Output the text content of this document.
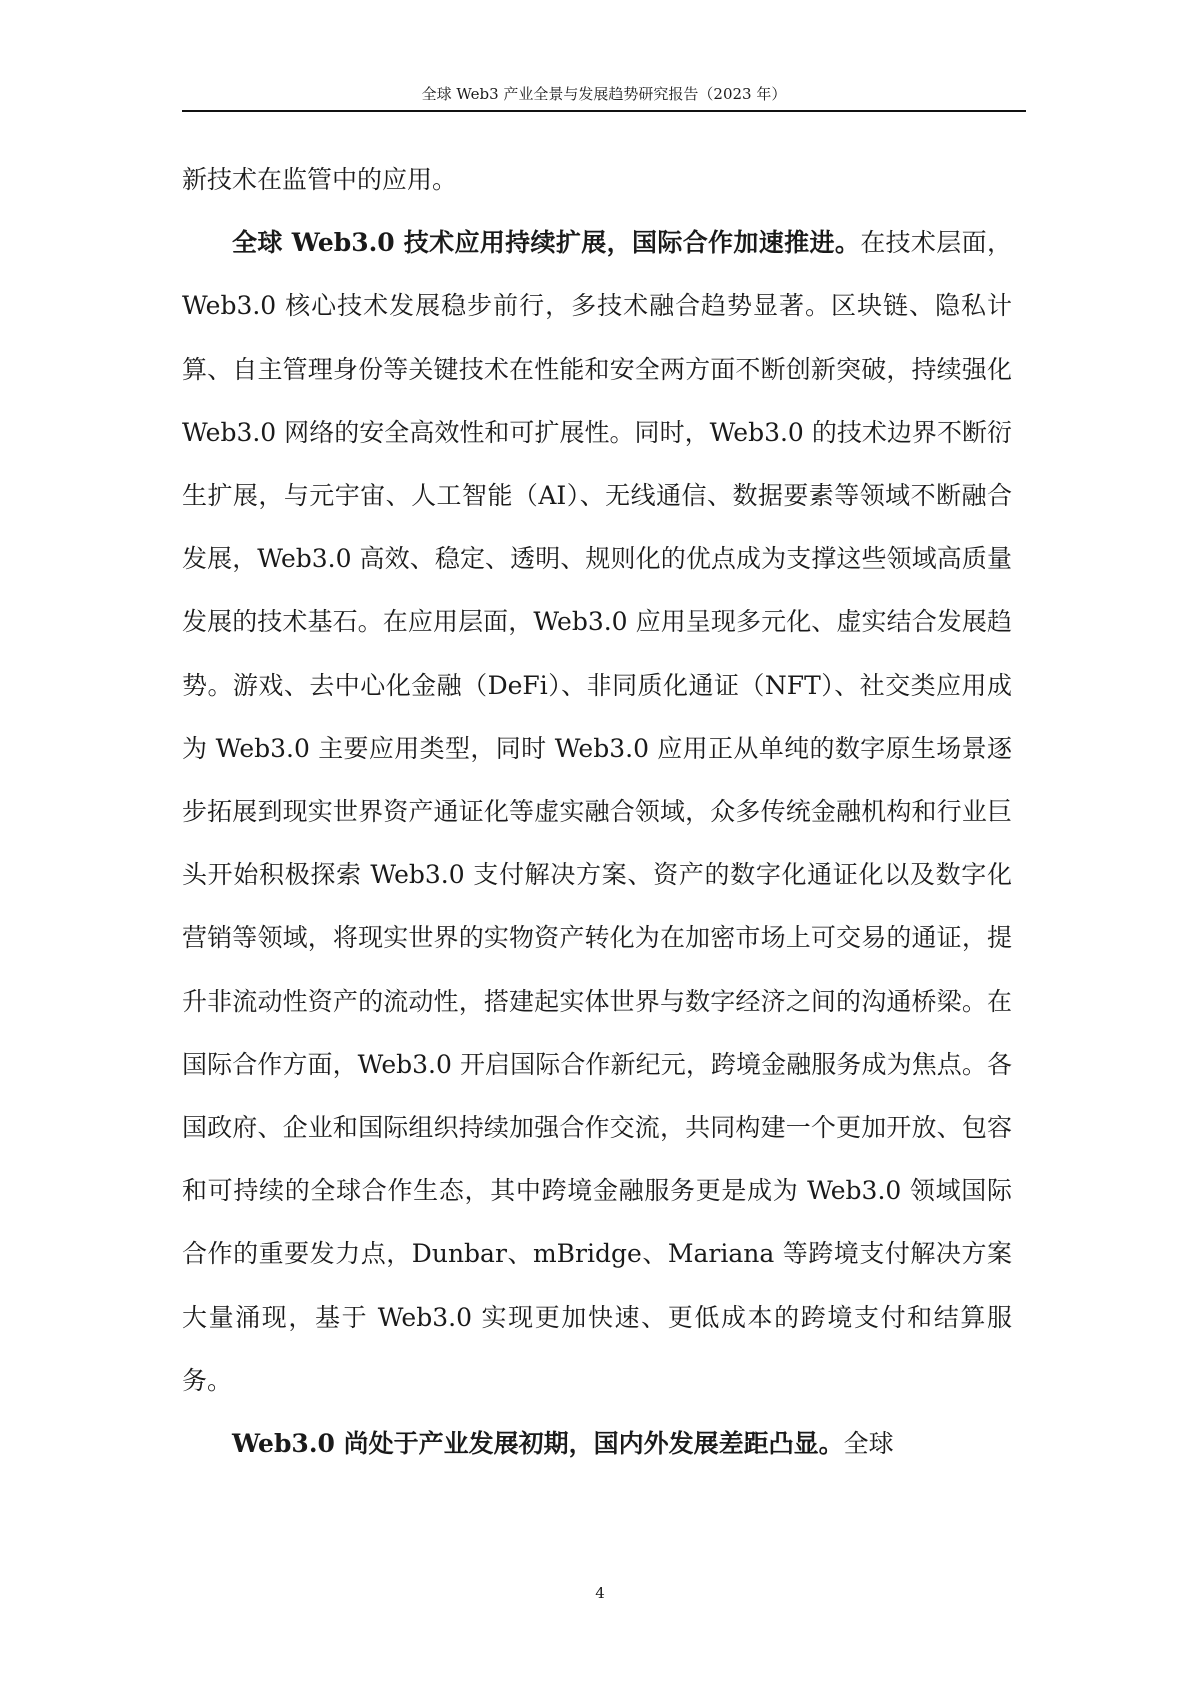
全球 Web3 产业全景与发展趋势研究报告（2023 年）

新技术在监管中的应用。

全球 Web3.0 技术应用持续扩展，国际合作加速推进。在技术层面，Web3.0 核心技术发展稳步前行，多技术融合趋势显著。区块链、隐私计算、自主管理身份等关键技术在性能和安全两方面不断创新突破，持续强化 Web3.0 网络的安全高效性和可扩展性。同时，Web3.0 的技术边界不断衍生扩展，与元宇宙、人工智能（AI）、无线通信、数据要素等领域不断融合发展，Web3.0 高效、稳定、透明、规则化的优点成为支撑这些领域高质量发展的技术基石。在应用层面，Web3.0 应用呈现多元化、虚实结合发展趋势。游戏、去中心化金融（DeFi）、非同质化通证（NFT）、社交类应用成为 Web3.0 主要应用类型，同时 Web3.0 应用正从单纯的数字原生场景逐步拓展到现实世界资产通证化等虚实融合领域，众多传统金融机构和行业巨头开始积极探索 Web3.0 支付解决方案、资产的数字化通证化以及数字化营销等领域，将现实世界的实物资产转化为在加密市场上可交易的通证，提升非流动性资产的流动性，搭建起实体世界与数字经济之间的沟通桥梁。在国际合作方面，Web3.0 开启国际合作新纪元，跨境金融服务成为焦点。各国政府、企业和国际组织持续加强合作交流，共同构建一个更加开放、包容和可持续的全球合作生态，其中跨境金融服务更是成为 Web3.0 领域国际合作的重要发力点，Dunbar、mBridge、Mariana 等跨境支付解决方案大量涌现，基于 Web3.0 实现更加快速、更低成本的跨境支付和结算服务。

Web3.0 尚处于产业发展初期，国内外发展差距凸显。全球

4
